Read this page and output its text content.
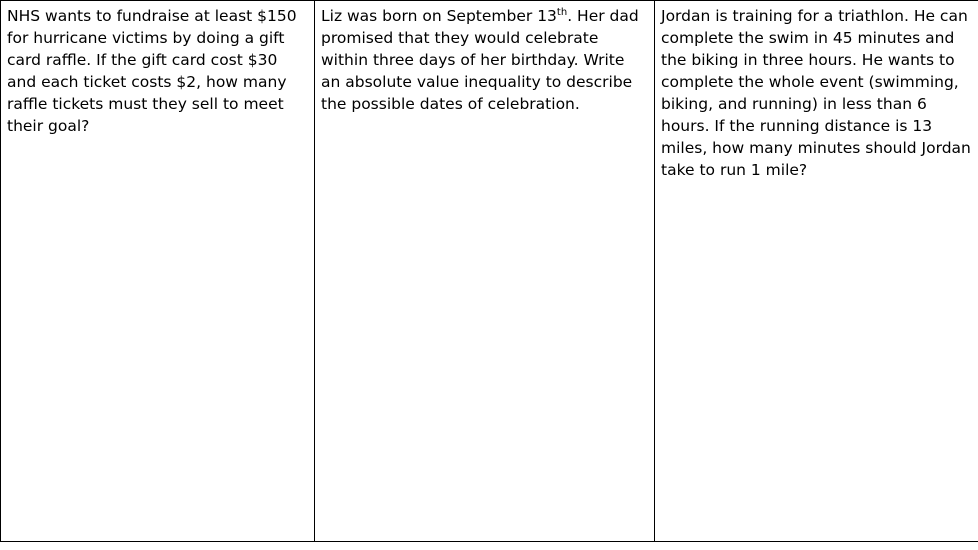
NHS wants to fundraise at least $150 for hurricane victims by doing a gift card raffle. If the gift card cost $30 and each ticket costs $2, how many raffle tickets must they sell to meet their goal?

Liz was born on September 13th. Her dad promised that they would celebrate within three days of her birthday. Write an absolute value inequality to describe the possible dates of celebration.

Jordan is training for a triathlon. He can complete the swim in 45 minutes and the biking in three hours. He wants to complete the whole event (swimming, biking, and running) in less than 6 hours. If the running distance is 13 miles, how many minutes should Jordan take to run 1 mile?
